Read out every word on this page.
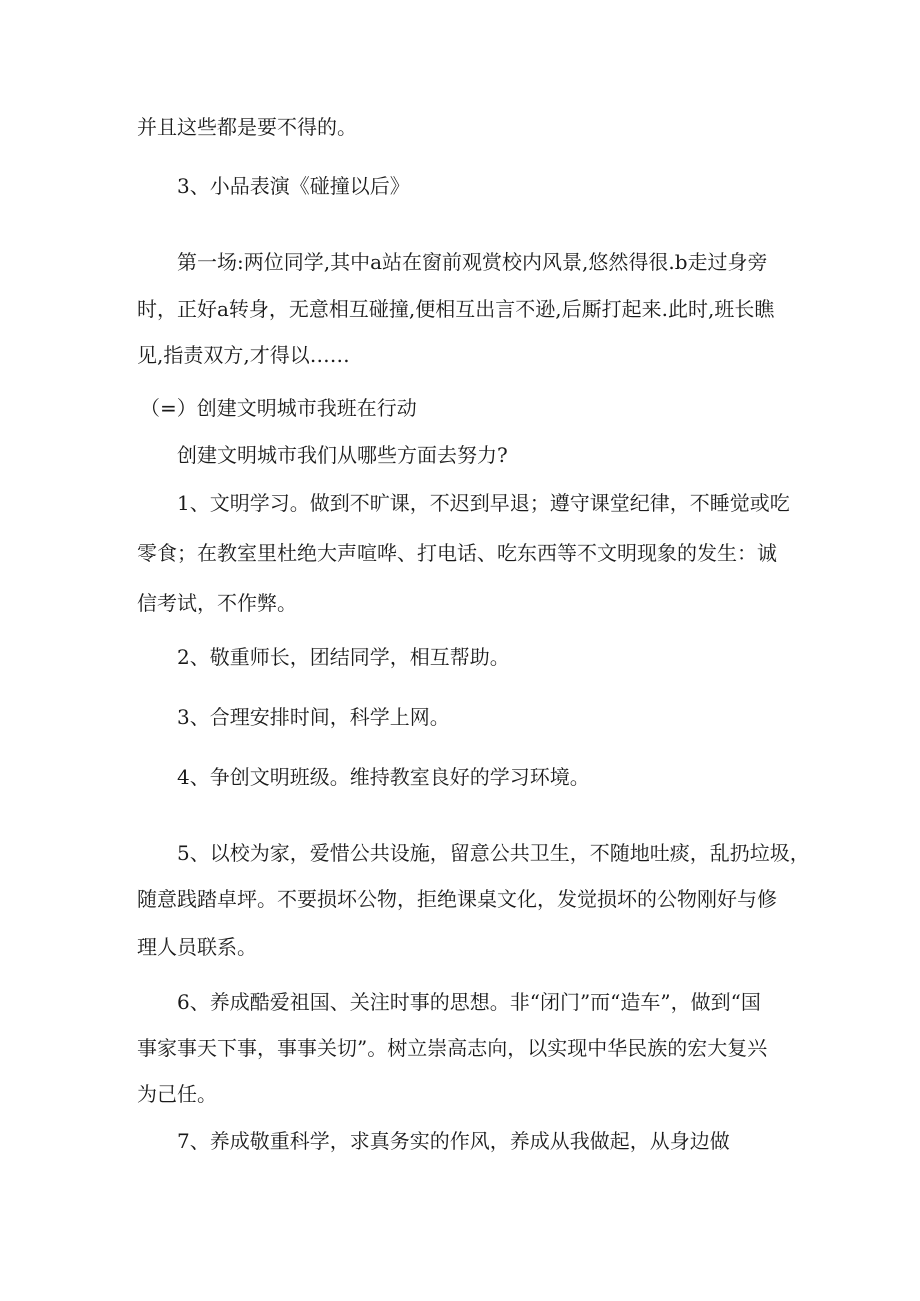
并且这些都是要不得的。
3、小品表演《碰撞以后》
第一场:两位同学,其中a站在窗前观赏校内风景,悠然得很.b走过身旁
时，正好a转身，无意相互碰撞,便相互出言不逊,后厮打起来.此时,班长瞧
见,指责双方,才得以……
（=）创建文明城市我班在行动
创建文明城市我们从哪些方面去努力?
1、文明学习。做到不旷课，不迟到早退；遵守课堂纪律，不睡觉或吃
零食；在教室里杜绝大声喧哗、打电话、吃东西等不文明现象的发生：诚
信考试，不作弊。
2、敬重师长，团结同学，相互帮助。
3、合理安排时间，科学上网。
4、争创文明班级。维持教室良好的学习环境。
5、以校为家，爱惜公共设施，留意公共卫生，不随地吐痰，乱扔垃圾，
随意践踏卓坪。不要损坏公物，拒绝课桌文化，发觉损坏的公物刚好与修
理人员联系。
6、养成酷爱祖国、关注时事的思想。非“闭门”而“造车”，做到“国
事家事天下事，事事关切”。树立崇高志向，以实现中华民族的宏大复兴
为己任。
7、养成敬重科学，求真务实的作风，养成从我做起，从身边做
